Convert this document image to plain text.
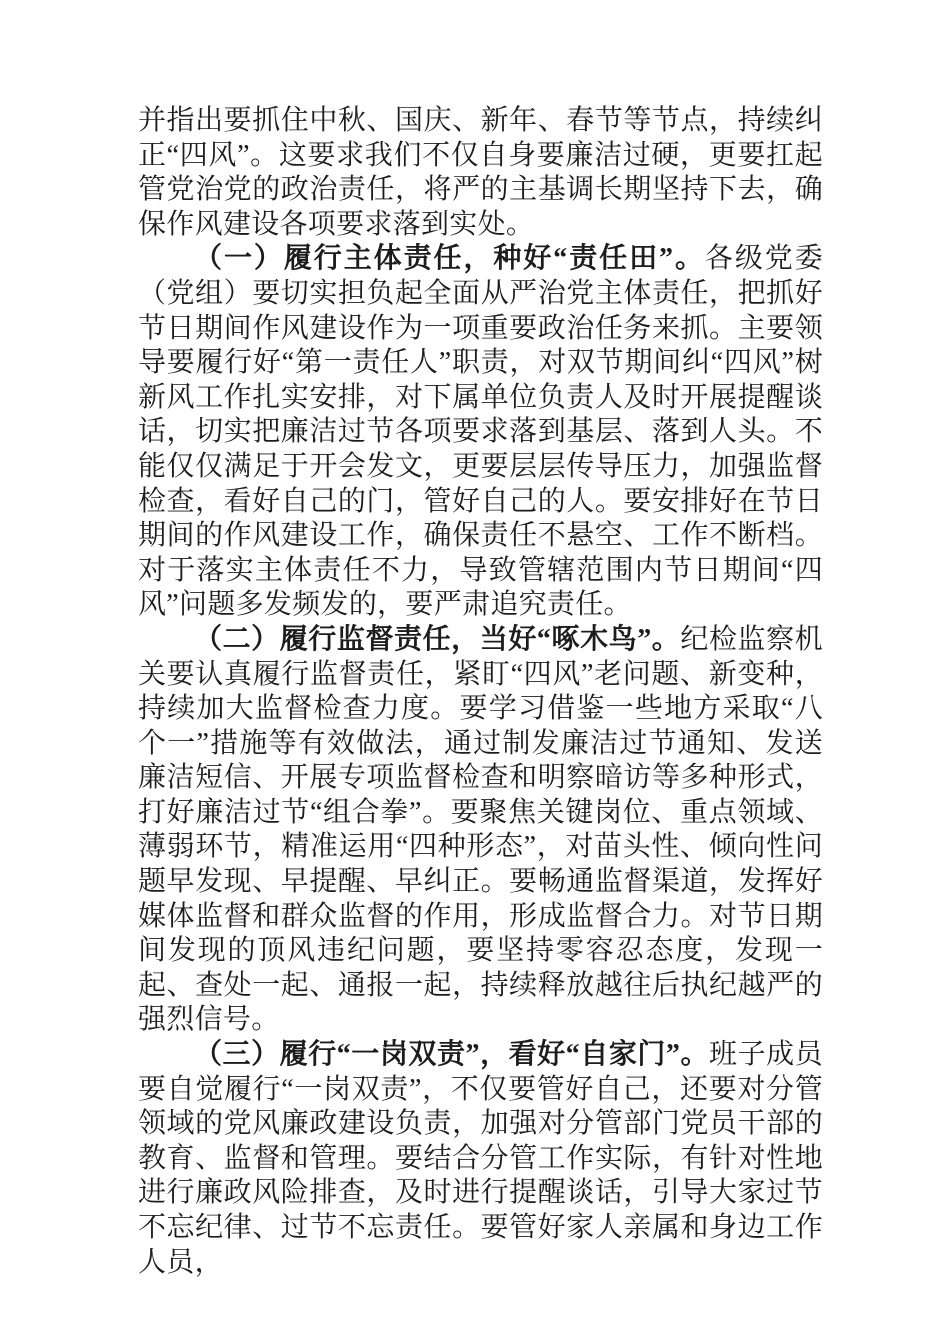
并指出要抓住中秋、国庆、新年、春节等节点，持续纠正“四风”。这要求我们不仅自身要廉洁过硬，更要扛起管党治党的政治责任，将严的主基调长期坚持下去，确保作风建设各项要求落到实处。

（一）履行主体责任，种好“责任田”。各级党委（党组）要切实担负起全面从严治党主体责任，把抓好节日期间作风建设作为一项重要政治任务来抓。主要领导要履行好“第一责任人”职责，对双节期间纠“四风”树新风工作扎实安排，对下属单位负责人及时开展提醒谈话，切实把廉洁过节各项要求落到基层、落到人头。不能仅仅满足于开会发文，更要层层传导压力，加强监督检查，看好自己的门，管好自己的人。要安排好在节日期间的作风建设工作，确保责任不悬空、工作不断档。对于落实主体责任不力，导致管辖范围内节日期间“四风”问题多发频发的，要严肃追究责任。

（二）履行监督责任，当好“啄木鸟”。纪检监察机关要认真履行监督责任，紧盯“四风”老问题、新变种，持续加大监督检查力度。要学习借鉴一些地方采取“八个一”措施等有效做法，通过制发廉洁过节通知、发送廉洁短信、开展专项监督检查和明察暗访等多种形式，打好廉洁过节“组合拳”。要聚焦关键岗位、重点领域、薄弱环节，精准运用“四种形态”，对苗头性、倾向性问题早发现、早提醒、早纠正。要畅通监督渠道，发挥好媒体监督和群众监督的作用，形成监督合力。对节日期间发现的顶风违纪问题，要坚持零容忍态度，发现一起、查处一起、通报一起，持续释放越往后执纪越严的强烈信号。

（三）履行“一岗双责”，看好“自家门”。班子成员要自觉履行“一岗双责”，不仅要管好自己，还要对分管领域的党风廉政建设负责，加强对分管部门党员干部的教育、监督和管理。要结合分管工作实际，有针对性地进行廉政风险排查，及时进行提醒谈话，引导大家过节不忘纪律、过节不忘责任。要管好家人亲属和身边工作人员，
